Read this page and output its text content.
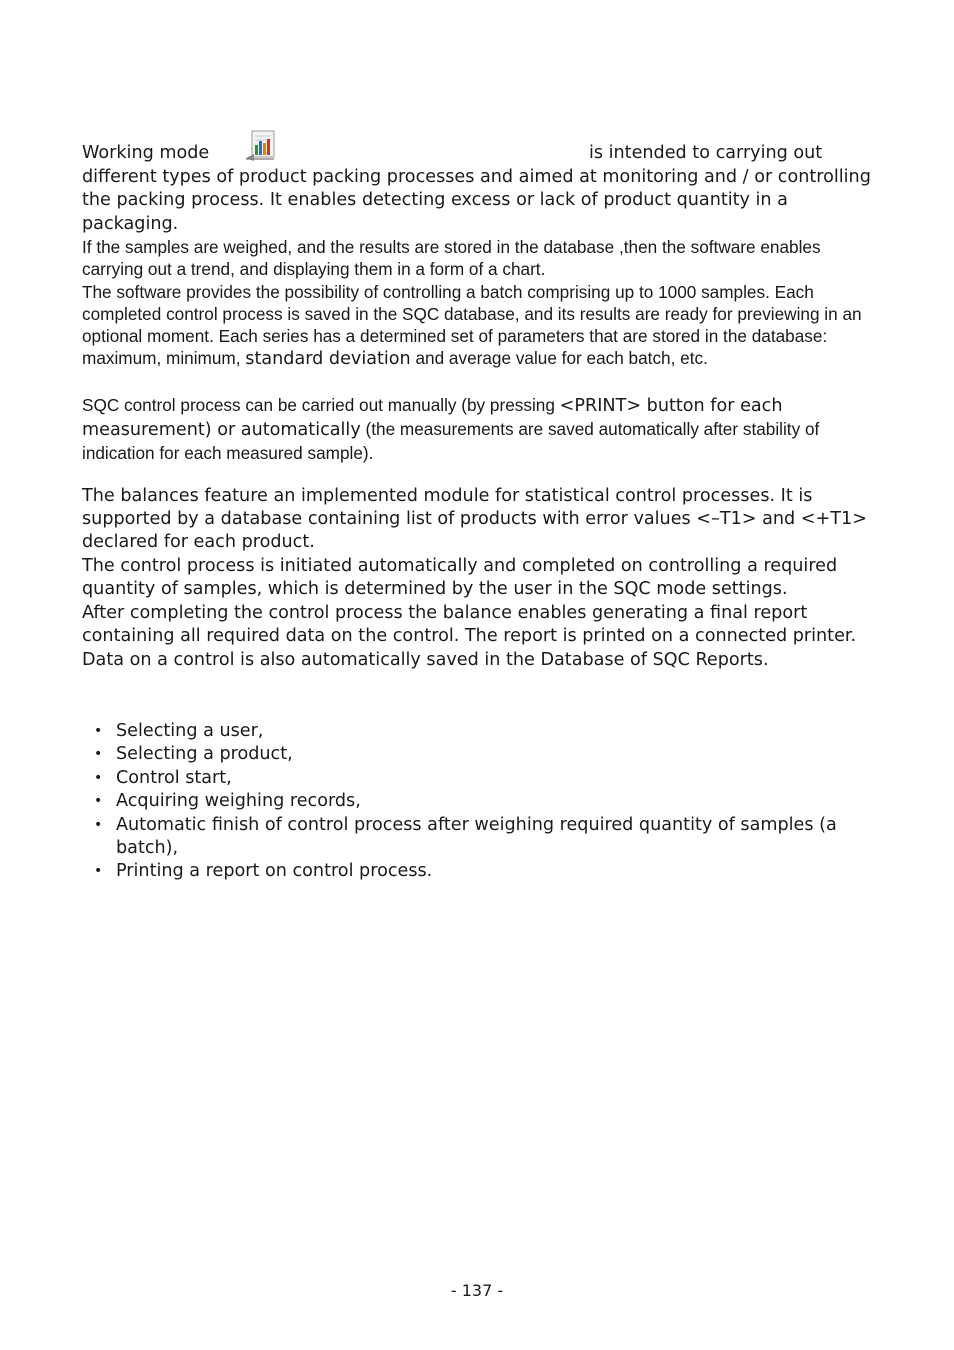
Working mode	is intended to carrying out

different types of product packing processes and aimed at monitoring and / or controlling the packing process. It enables detecting excess or lack of product quantity in a packaging.

If the samples are weighed, and the results are stored in the database ,then the software enables carrying out a trend, and displaying them in a form of a chart.

The software provides the possibility of controlling a batch comprising up to 1000 samples. Each completed control process is saved in the SQC database, and its results are ready for previewing in an optional moment. Each series has a determined set of parameters that are stored in the database: maximum, minimum, standard deviation and average value for each batch, etc.

SQC control process can be carried out manually (by pressing <PRINT> button for each measurement) or automatically (the measurements are saved automatically after stability of indication for each measured sample).

The balances feature an implemented module for statistical control processes. It is supported by a database containing list of products with error values <–T1> and <+T1> declared for each product.

The control process is initiated automatically and completed on controlling a required quantity of samples, which is determined by the user in the SQC mode settings.

After completing the control process the balance enables generating a final report containing all required data on the control. The report is printed on a connected printer. Data on a control is also automatically saved in the Database of SQC Reports.

• Selecting a user,
• Selecting a product,
• Control start,
• Acquiring weighing records,
• Automatic finish of control process after weighing required quantity of samples (a batch),
• Printing a report on control process.
- 137 -
